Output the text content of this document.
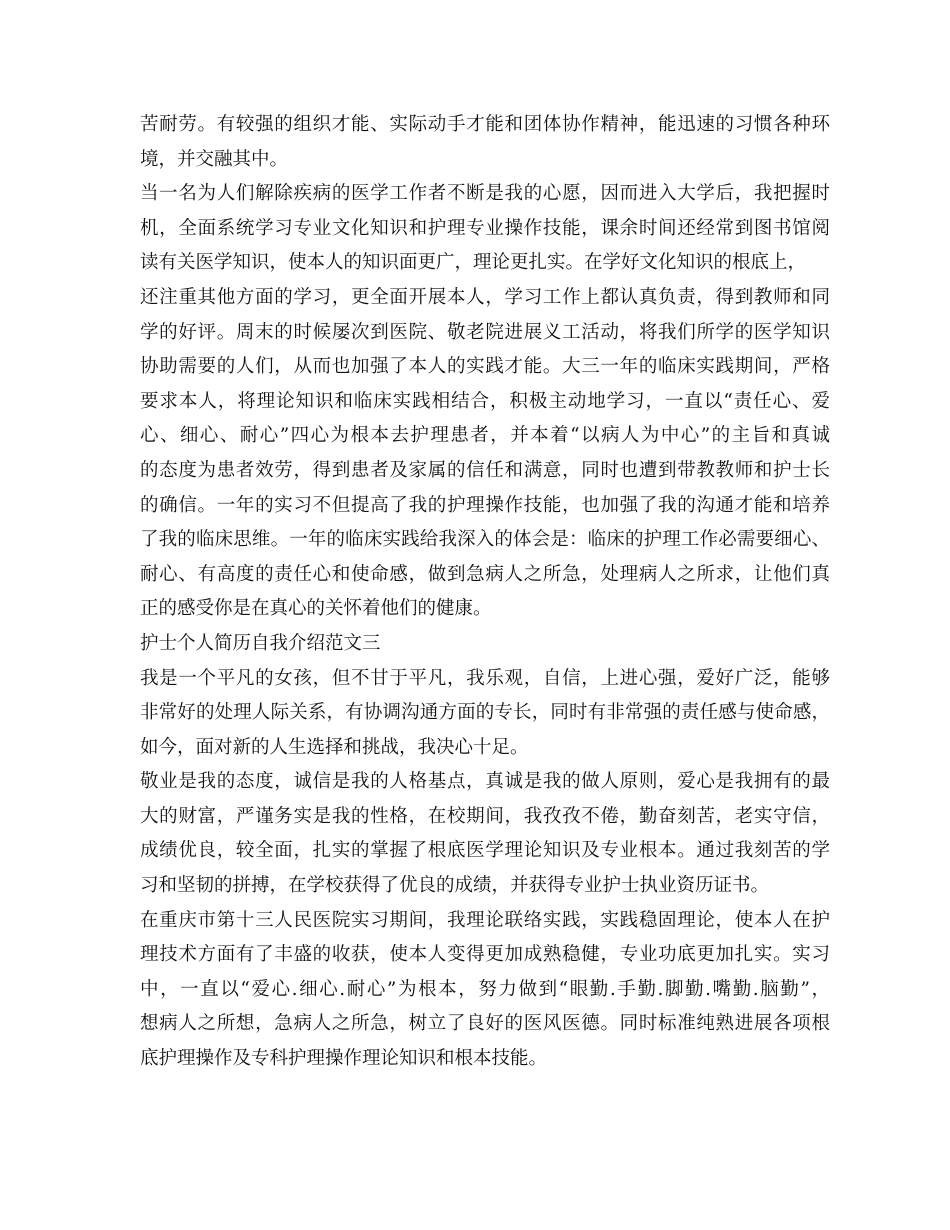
苦耐劳。有较强的组织才能、实际动手才能和团体协作精神，能迅速的习惯各种环
境，并交融其中。
当一名为人们解除疾病的医学工作者不断是我的心愿，因而进入大学后，我把握时
机，全面系统学习专业文化知识和护理专业操作技能，课余时间还经常到图书馆阅
读有关医学知识，使本人的知识面更广，理论更扎实。在学好文化知识的根底上，
还注重其他方面的学习，更全面开展本人，学习工作上都认真负责，得到教师和同
学的好评。周末的时候屡次到医院、敬老院进展义工活动，将我们所学的医学知识
协助需要的人们，从而也加强了本人的实践才能。大三一年的临床实践期间，严格
要求本人，将理论知识和临床实践相结合，积极主动地学习，一直以“责任心、爱
心、细心、耐心”四心为根本去护理患者，并本着“以病人为中心”的主旨和真诚
的态度为患者效劳，得到患者及家属的信任和满意，同时也遭到带教教师和护士长
的确信。一年的实习不但提高了我的护理操作技能，也加强了我的沟通才能和培养
了我的临床思维。一年的临床实践给我深入的体会是：临床的护理工作必需要细心、
耐心、有高度的责任心和使命感，做到急病人之所急，处理病人之所求，让他们真
正的感受你是在真心的关怀着他们的健康。
护士个人简历自我介绍范文三
我是一个平凡的女孩，但不甘于平凡，我乐观，自信，上进心强，爱好广泛，能够
非常好的处理人际关系，有协调沟通方面的专长，同时有非常强的责任感与使命感，
如今，面对新的人生选择和挑战，我决心十足。
敬业是我的态度，诚信是我的人格基点，真诚是我的做人原则，爱心是我拥有的最
大的财富，严谨务实是我的性格，在校期间，我孜孜不倦，勤奋刻苦，老实守信，
成绩优良，较全面，扎实的掌握了根底医学理论知识及专业根本。通过我刻苦的学
习和坚韧的拼搏，在学校获得了优良的成绩，并获得专业护士执业资历证书。
在重庆市第十三人民医院实习期间，我理论联络实践，实践稳固理论，使本人在护
理技术方面有了丰盛的收获，使本人变得更加成熟稳健，专业功底更加扎实。实习
中，一直以“爱心.细心.耐心”为根本，努力做到“眼勤.手勤.脚勤.嘴勤.脑勤”，
想病人之所想，急病人之所急，树立了良好的医风医德。同时标准纯熟进展各项根
底护理操作及专科护理操作理论知识和根本技能。
